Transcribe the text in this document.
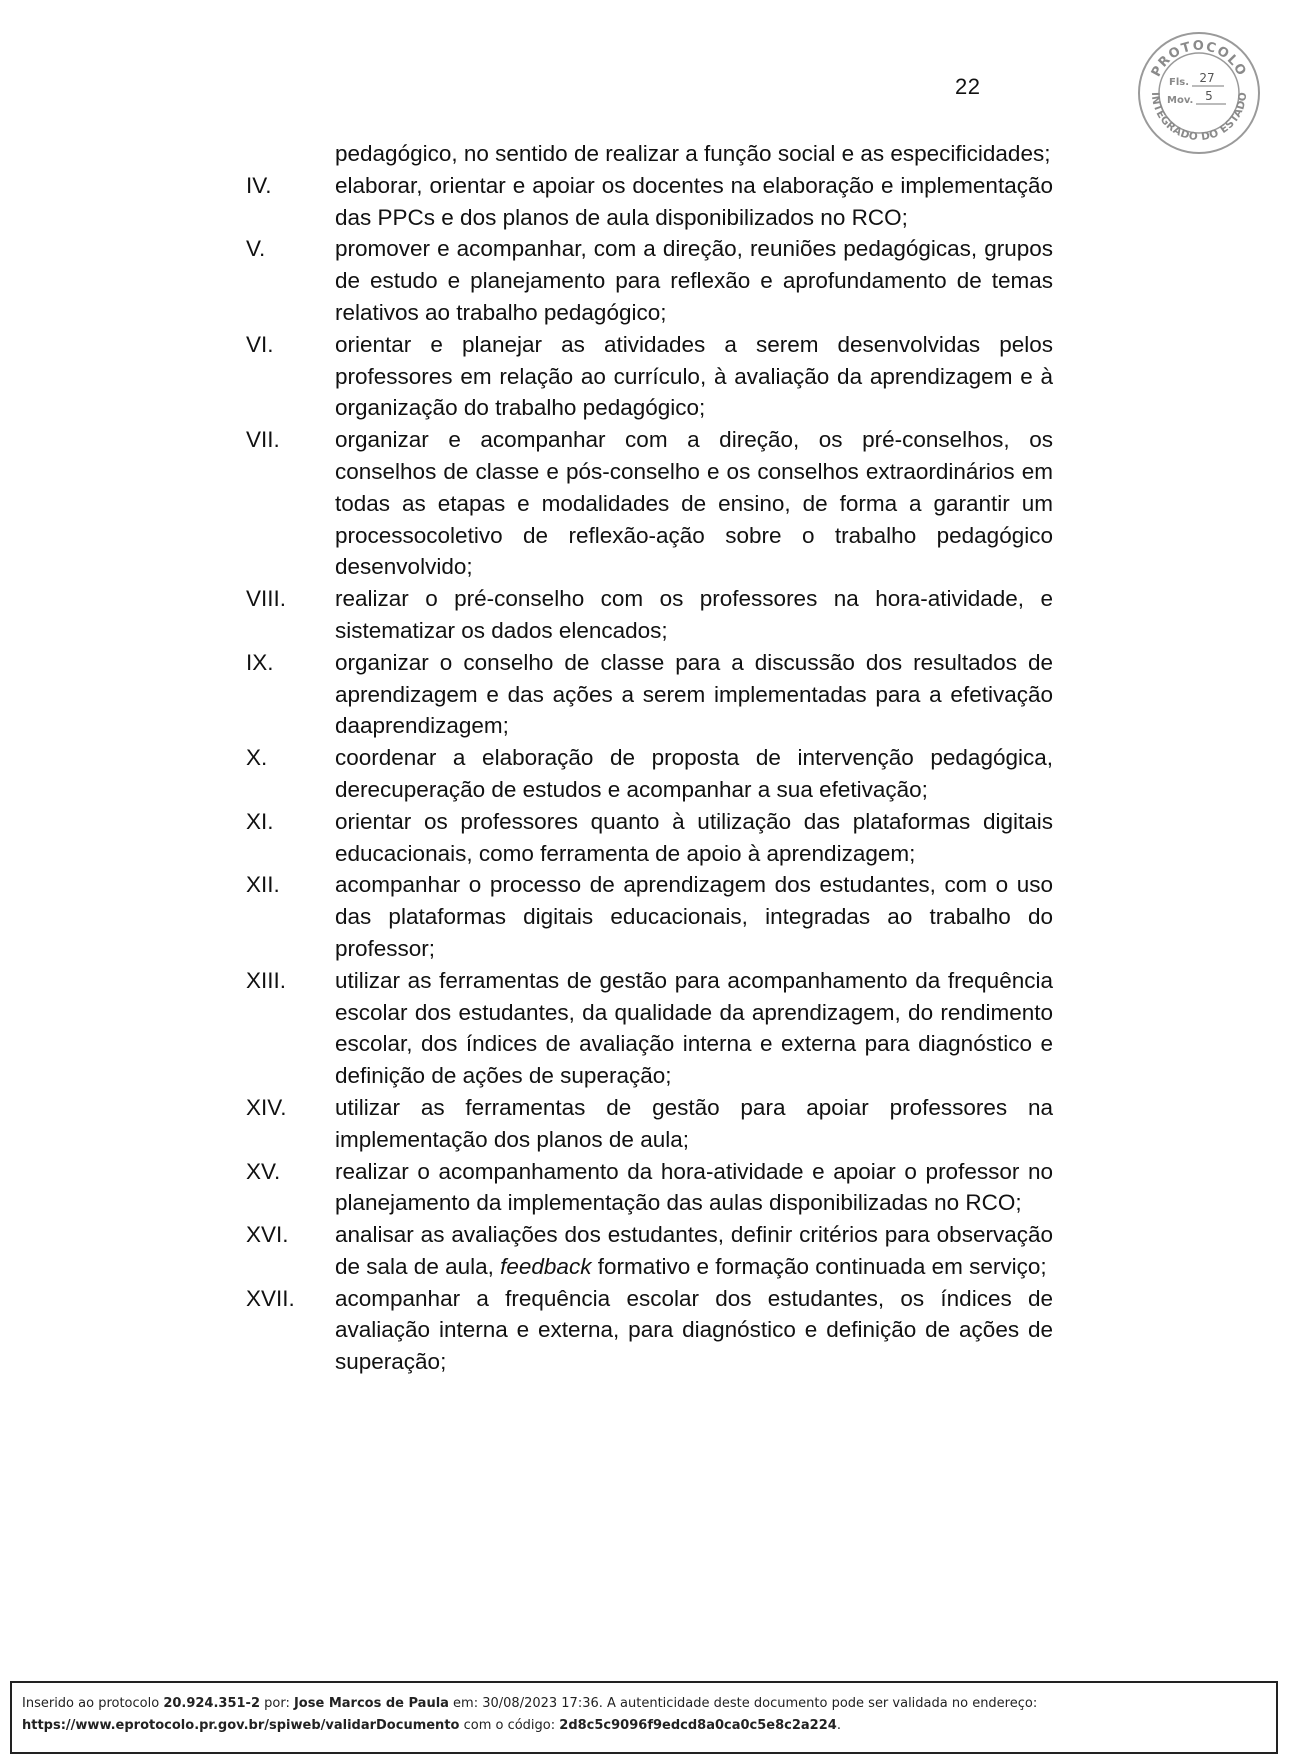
22
PROTOCOLO
INTEGRADO DO ESTADO
Fls. 27
Mov. 5
pedagógico, no sentido de realizar a função social e as especificidades;
IV.	elaborar, orientar e apoiar os docentes na elaboração e implementação das PPCs e dos planos de aula disponibilizados no RCO;
V.	promover e acompanhar, com a direção, reuniões pedagógicas, grupos de estudo e planejamento para reflexão e aprofundamento de temas relativos ao trabalho pedagógico;
VI.	orientar e planejar as atividades a serem desenvolvidas pelos professores em relação ao currículo, à avaliação da aprendizagem e à organização do trabalho pedagógico;
VII. organizar e acompanhar com a direção, os pré-conselhos, os conselhos de classe e pós-conselho e os conselhos extraordinários em todas as etapas e modalidades de ensino, de forma a garantir um processocoletivo de reflexão-ação sobre o trabalho pedagógico desenvolvido;
VIII. realizar o pré-conselho com os professores na hora-atividade, e sistematizar os dados elencados;
IX.	organizar o conselho de classe para a discussão dos resultados de aprendizagem e das ações a serem implementadas para a efetivação daaprendizagem;
X.	coordenar a elaboração de proposta de intervenção pedagógica, derecuperação de estudos e acompanhar a sua efetivação;
XI.	orientar os professores quanto à utilização das plataformas digitais educacionais, como ferramenta de apoio à aprendizagem;
XII. acompanhar o processo de aprendizagem dos estudantes, com o uso das plataformas digitais educacionais, integradas ao trabalho do professor;
XIII. utilizar as ferramentas de gestão para acompanhamento da frequência escolar dos estudantes, da qualidade da aprendizagem, do rendimento escolar, dos índices de avaliação interna e externa para diagnóstico e definição de ações de superação;
XIV. utilizar as ferramentas de gestão para apoiar professores na implementação dos planos de aula;
XV. realizar o acompanhamento da hora-atividade e apoiar o professor no planejamento da implementação das aulas disponibilizadas no RCO;
XVI. analisar as avaliações dos estudantes, definir critérios para observação de sala de aula, feedback formativo e formação continuada em serviço;
XVII. acompanhar a frequência escolar dos estudantes, os índices de avaliação interna e externa, para diagnóstico e definição de ações de superação;
Inserido ao protocolo 20.924.351-2 por: Jose Marcos de Paula em: 30/08/2023 17:36. A autenticidade deste documento pode ser validada no endereço:
https://www.eprotocolo.pr.gov.br/spiweb/validarDocumento com o código: 2d8c5c9096f9edcd8a0ca0c5e8c2a224.
